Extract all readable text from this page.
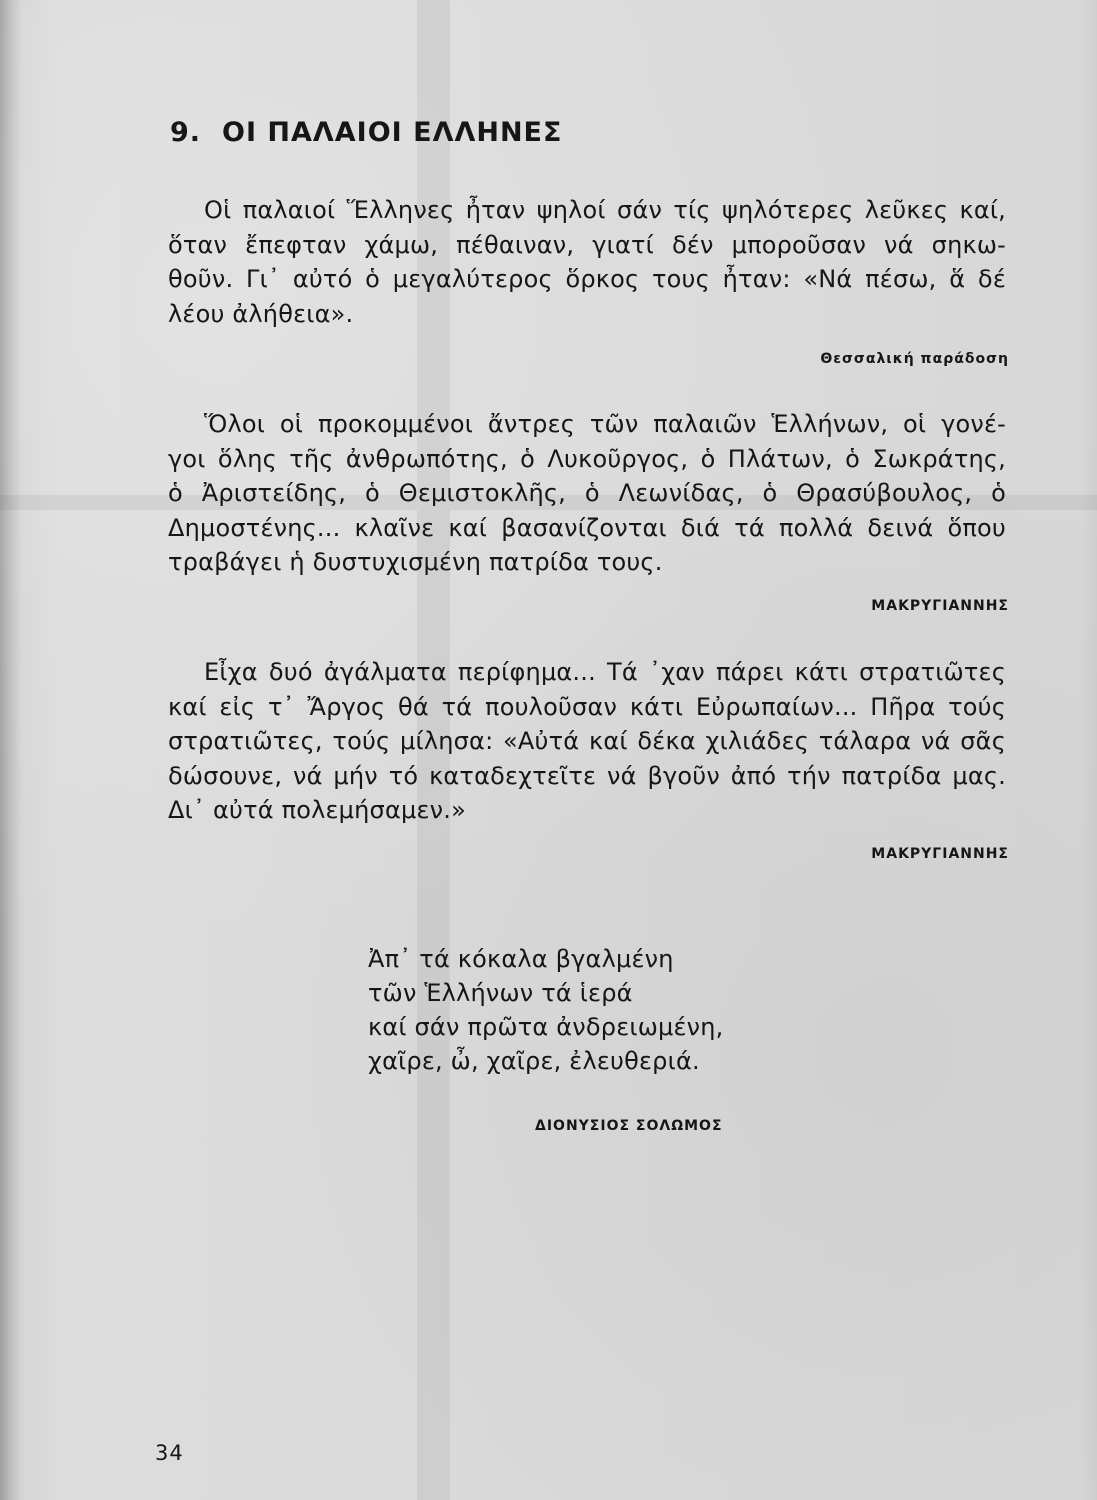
9. ΟΙ ΠΑΛΑΙΟΙ ΕΛΛΗΝΕΣ
Οἱ παλαιοί Ἕλληνες ἦταν ψηλοί σάν τίς ψηλότερες λεῦκες καί,
ὅταν ἔπεφταν χάμω, πέθαιναν, γιατί δέν μποροῦσαν νά σηκω-
θοῦν. Γι᾿ αὐτό ὁ μεγαλύτερος ὅρκος τους ἦταν: «Νά πέσω, ἅ δέ
λέου ἀλήθεια».
Θεσσαλική παράδοση
Ὅλοι οἱ προκομμένοι ἄντρες τῶν παλαιῶν Ἑλλήνων, οἱ γονέ-
γοι ὅλης τῆς ἀνθρωπότης, ὁ Λυκοῦργος, ὁ Πλάτων, ὁ Σωκράτης,
ὁ Ἀριστείδης, ὁ Θεμιστοκλῆς, ὁ Λεωνίδας, ὁ Θρασύβουλος, ὁ
Δημοστένης... κλαῖνε καί βασανίζονται διά τά πολλά δεινά ὅπου
τραβάγει ἡ δυστυχισμένη πατρίδα τους.
ΜΑΚΡΥΓΙΑΝΝΗΣ
Εἶχα δυό ἀγάλματα περίφημα... Τά ᾿χαν πάρει κάτι στρατιῶτες
καί εἰς τ᾿ Ἄργος θά τά πουλοῦσαν κάτι Εὐρωπαίων... Πῆρα τούς
στρατιῶτες, τούς μίλησα: «Αὐτά καί δέκα χιλιάδες τάλαρα νά σᾶς
δώσουνε, νά μήν τό καταδεχτεῖτε νά βγοῦν ἀπό τήν πατρίδα μας.
Δι᾿ αὐτά πολεμήσαμεν.»
ΜΑΚΡΥΓΙΑΝΝΗΣ
Ἀπ᾿ τά κόκαλα βγαλμένη
τῶν Ἑλλήνων τά ἱερά
καί σάν πρῶτα ἀνδρειωμένη,
χαῖρε, ὦ, χαῖρε, ἐλευθεριά.
ΔΙΟΝΥΣΙΟΣ ΣΟΛΩΜΟΣ
34
